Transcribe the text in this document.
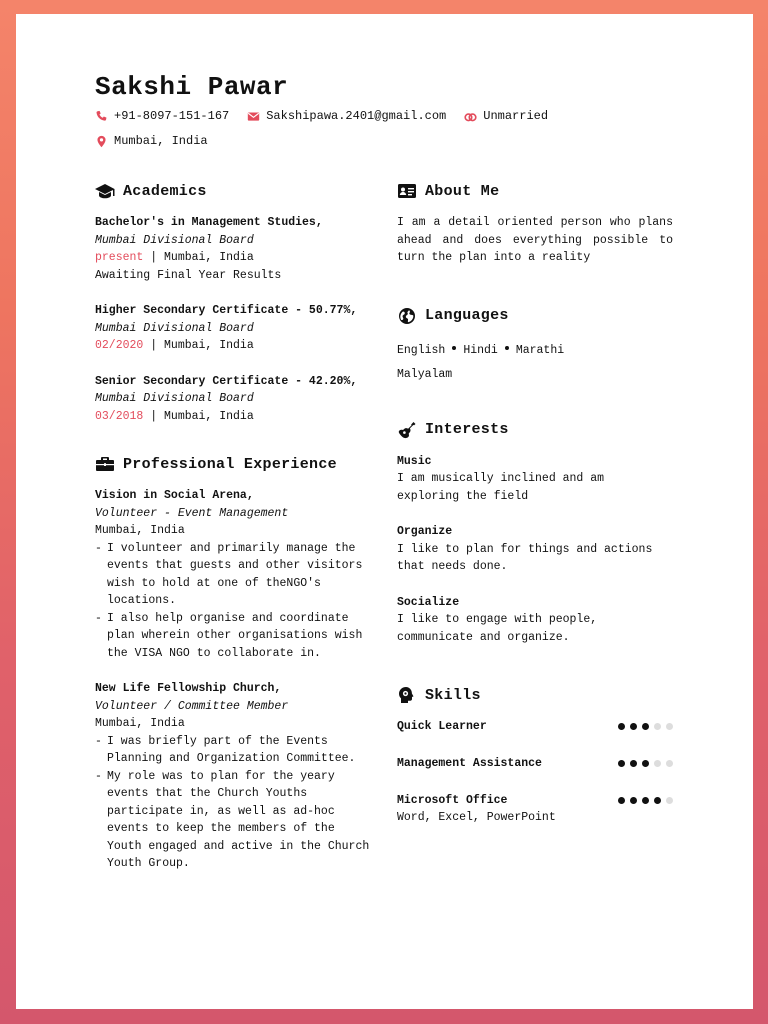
Sakshi Pawar
+91-8097-151-167	Sakshipawa.2401@gmail.com	Unmarried
Mumbai, India
Academics
Bachelor's in Management Studies,
Mumbai Divisional Board
present | Mumbai, India
Awaiting Final Year Results
Higher Secondary Certificate - 50.77%, Mumbai Divisional Board
02/2020 | Mumbai, India
Senior Secondary Certificate - 42.20%, Mumbai Divisional Board
03/2018 | Mumbai, India
Professional Experience
Vision in Social Arena,
Volunteer - Event Management
Mumbai, India
- I volunteer and primarily manage the events that guests and other visitors wish to hold at one of theNGO's locations.
- I also help organise and coordinate plan wherein other organisations wish the VISA NGO to collaborate in.
New Life Fellowship Church,
Volunteer / Committee Member
Mumbai, India
- I was briefly part of the Events Planning and Organization Committee.
- My role was to plan for the yeary events that the Church Youths participate in, as well as ad-hoc events to keep the members of the Youth engaged and active in the Church Youth Group.
About Me
I am a detail oriented person who plans ahead and does everything possible to turn the plan into a reality
Languages
English Hindi Marathi
Malyalam
Interests
Music
I am musically inclined and am exploring the field
Organize
I like to plan for things and actions that needs done.
Socialize
I like to engage with people, communicate and organize.
Skills
Quick Learner
Management Assistance
Microsoft Office
Word, Excel, PowerPoint
